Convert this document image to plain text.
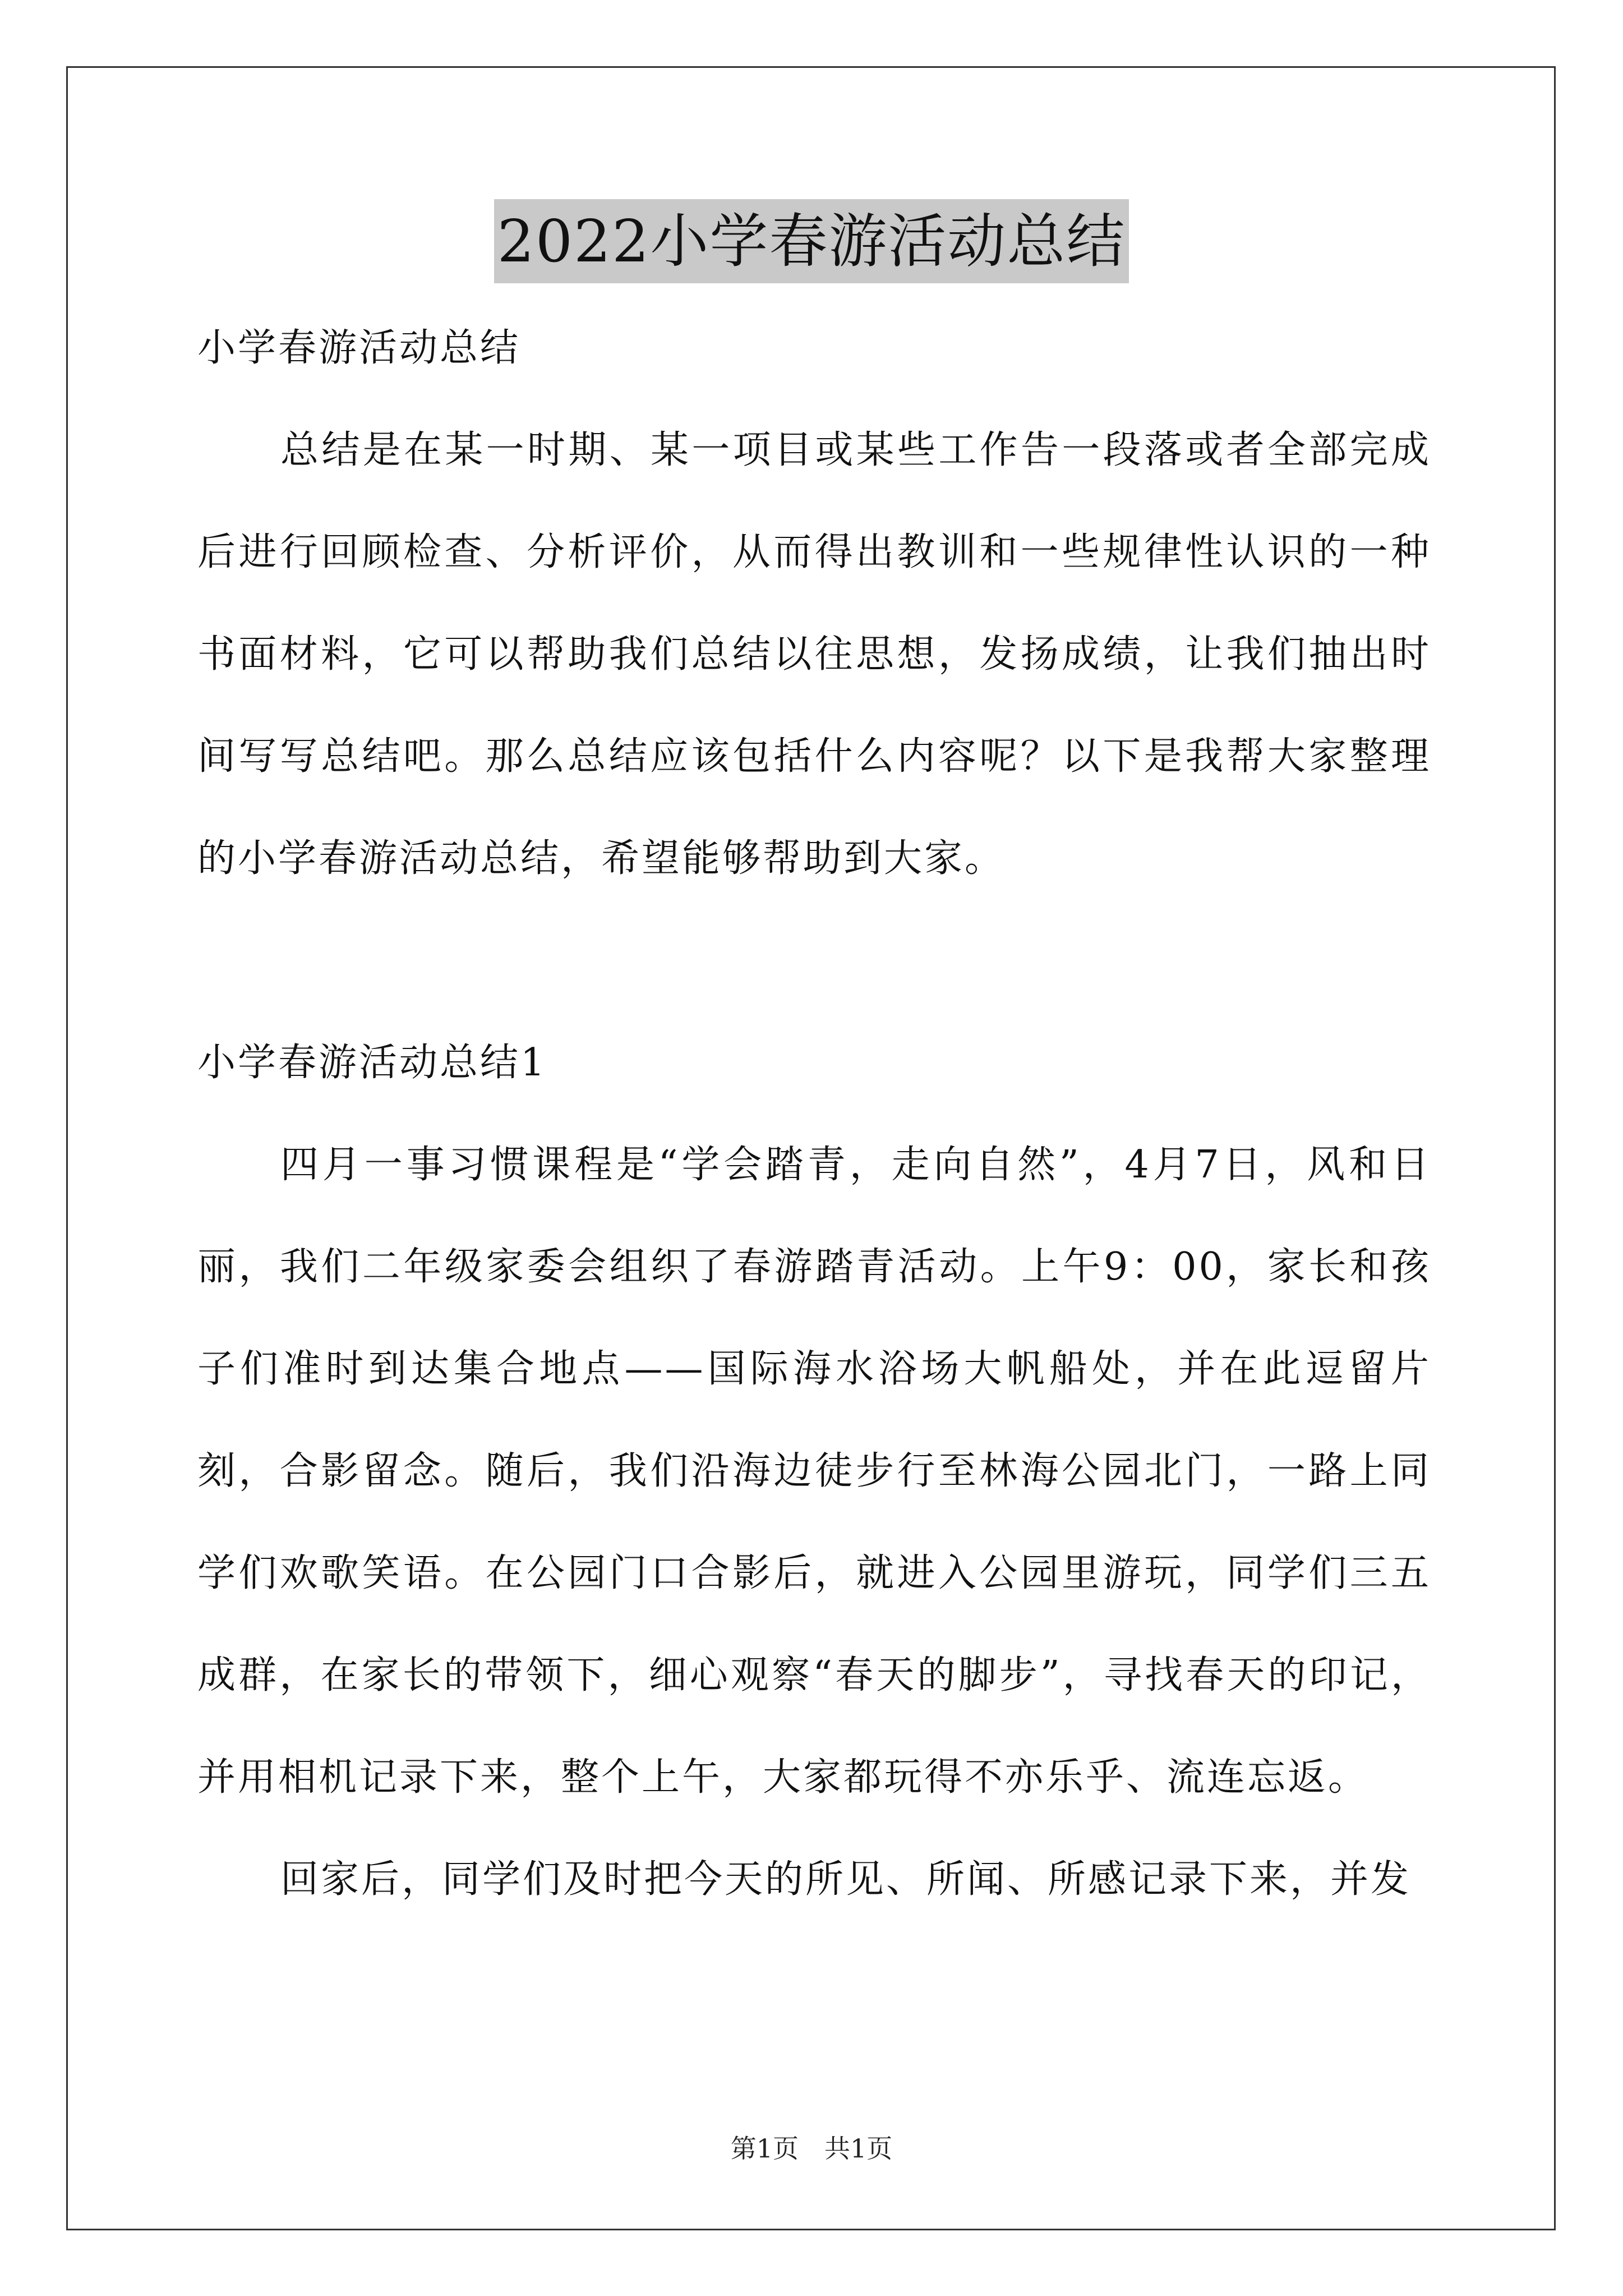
2022小学春游活动总结

小学春游活动总结

总结是在某一时期、某一项目或某些工作告一段落或者全部完成后进行回顾检查、分析评价，从而得出教训和一些规律性认识的一种书面材料，它可以帮助我们总结以往思想，发扬成绩，让我们抽出时间写写总结吧。那么总结应该包括什么内容呢？以下是我帮大家整理的小学春游活动总结，希望能够帮助到大家。

小学春游活动总结1

四月一事习惯课程是“学会踏青，走向自然”，4月7日，风和日丽，我们二年级家委会组织了春游踏青活动。上午9：00，家长和孩子们准时到达集合地点——国际海水浴场大帆船处，并在此逗留片刻，合影留念。随后，我们沿海边徒步行至林海公园北门，一路上同学们欢歌笑语。在公园门口合影后，就进入公园里游玩，同学们三五成群，在家长的带领下，细心观察“春天的脚步”，寻找春天的印记，并用相机记录下来，整个上午，大家都玩得不亦乐乎、流连忘返。

回家后，同学们及时把今天的所见、所闻、所感记录下来，并发

第1页　共1页
